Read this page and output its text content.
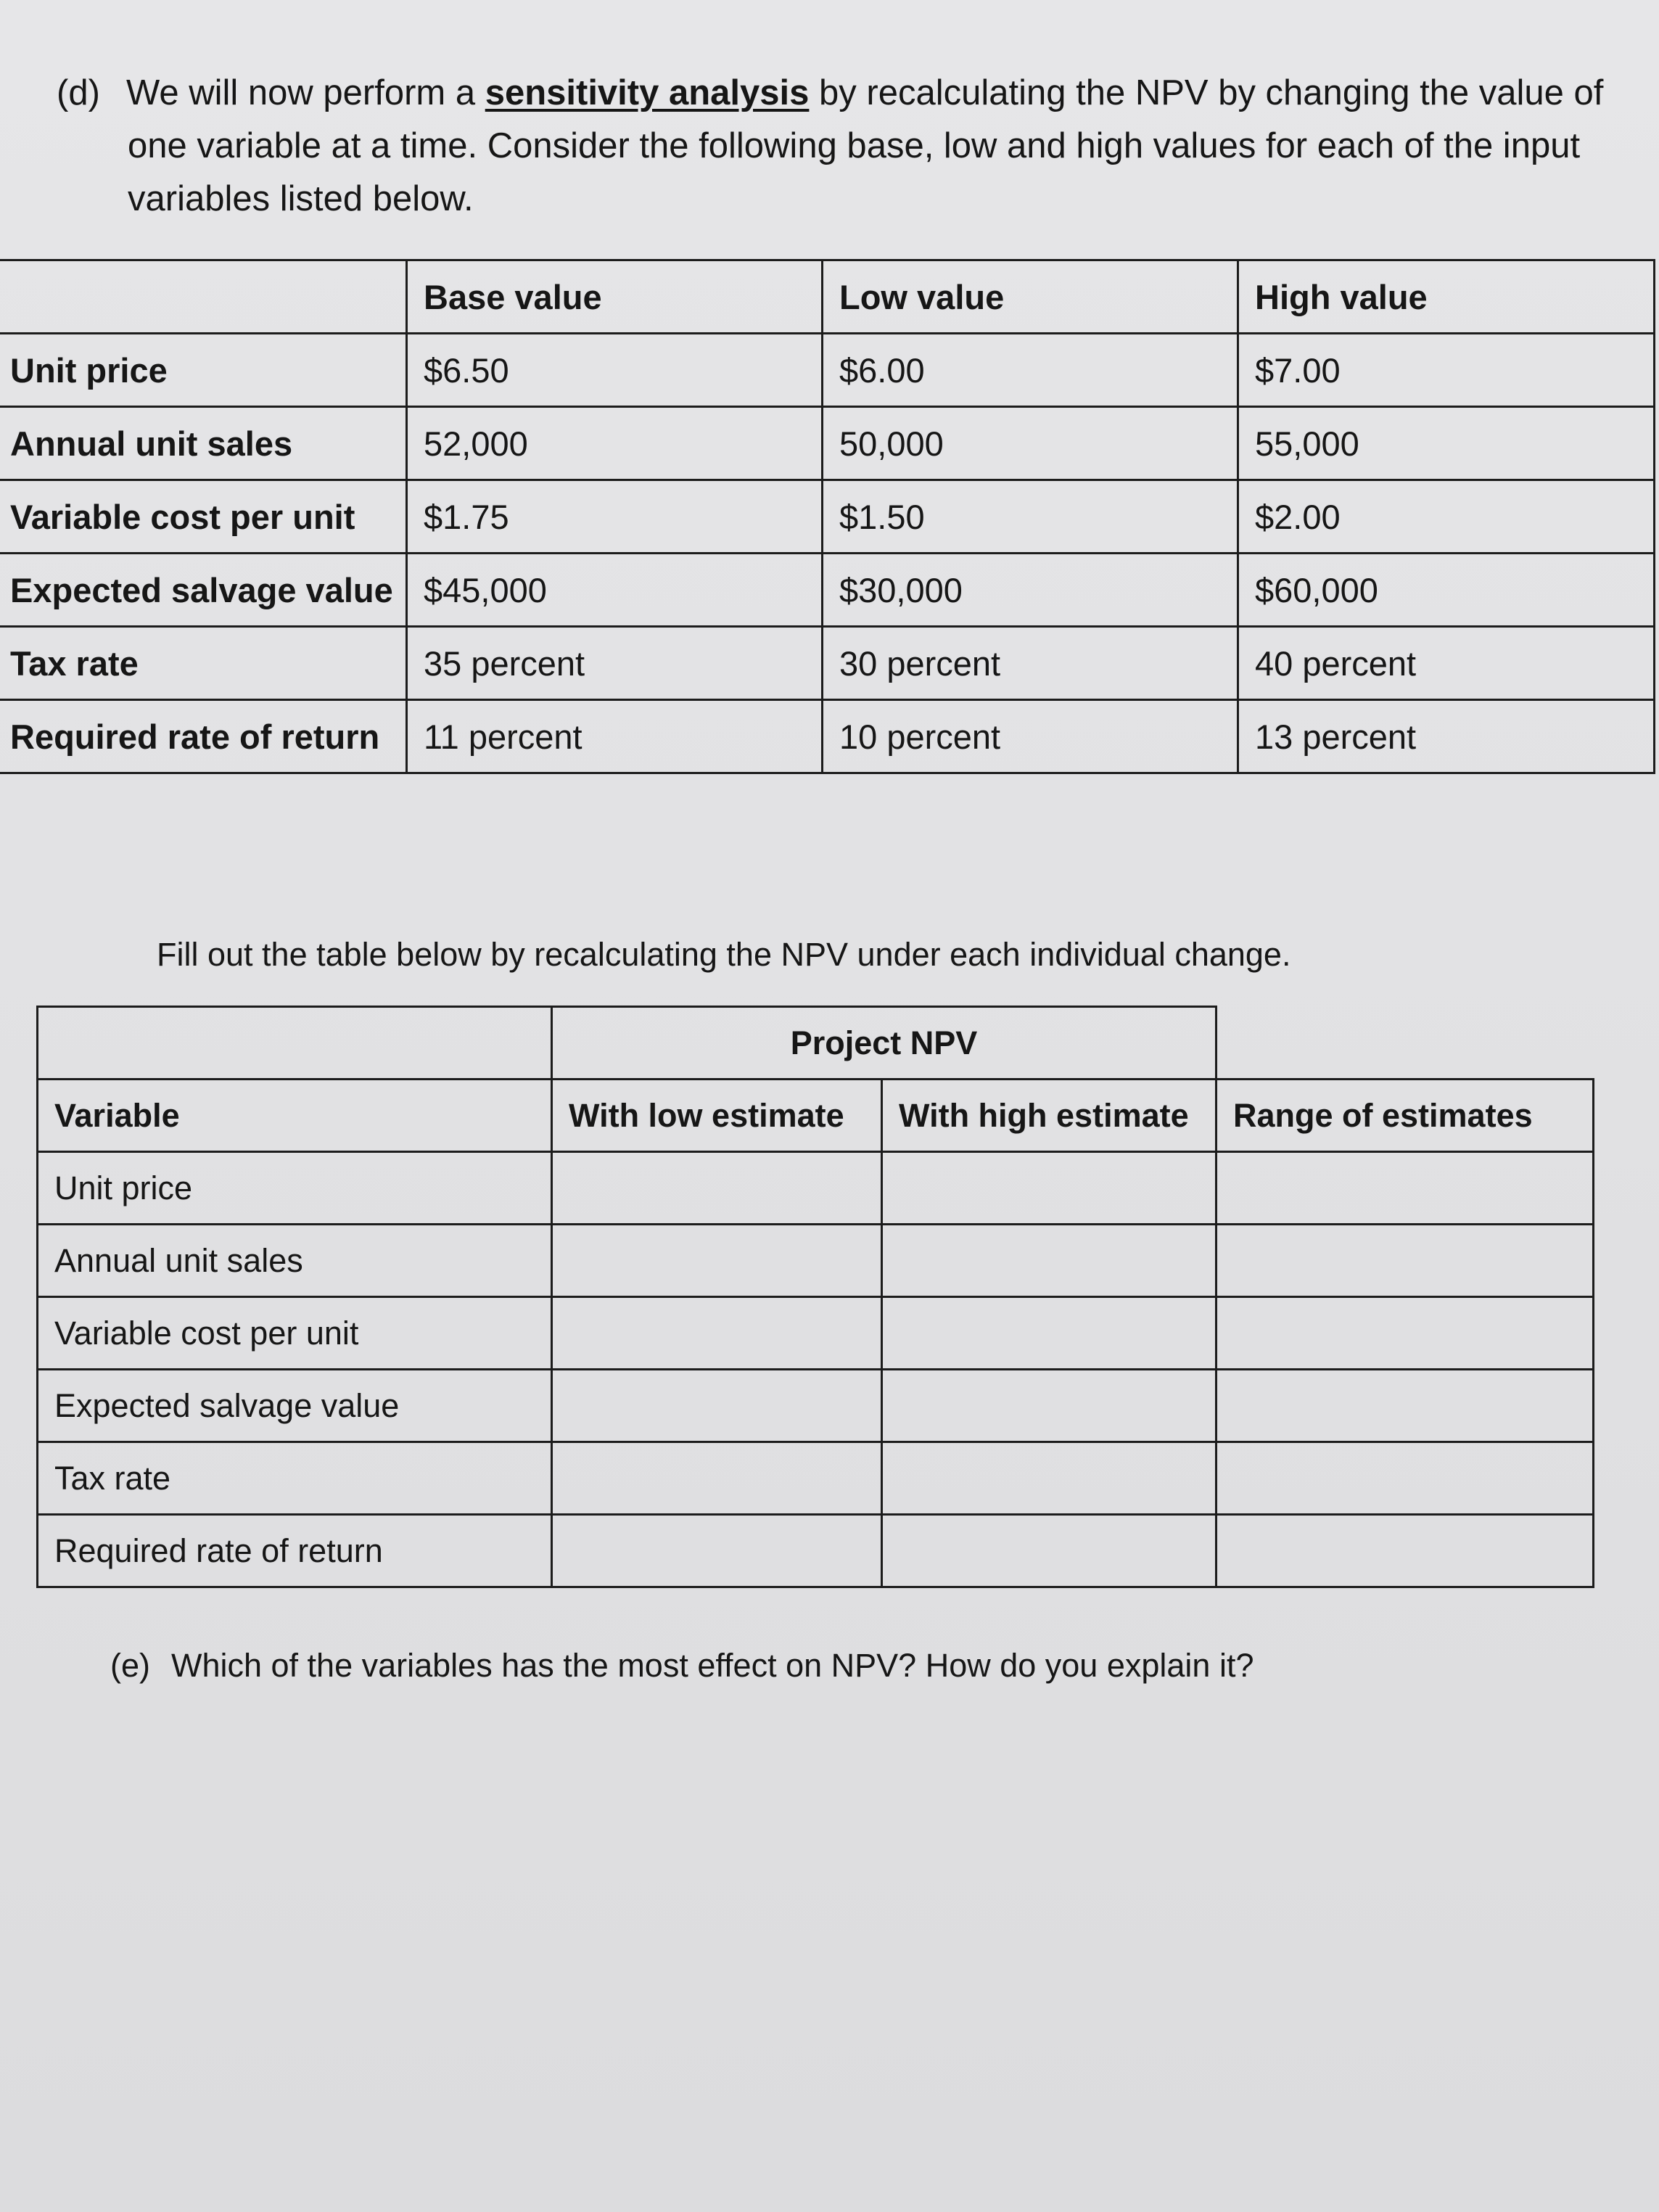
(d) We will now perform a sensitivity analysis by recalculating the NPV by changing the value of
one variable at a time. Consider the following base, low and high values for each of the input
variables listed below.
	Base value	Low value	High value
Unit price	$6.50	$6.00	$7.00
Annual unit sales	52,000	50,000	55,000
Variable cost per unit	$1.75	$1.50	$2.00
Expected salvage value	$45,000	$30,000	$60,000
Tax rate	35 percent	30 percent	40 percent
Required rate of return	11 percent	10 percent	13 percent
Fill out the table below by recalculating the NPV under each individual change.
	Project NPV		
Variable	With low estimate	With high estimate	Range of estimates
Unit price			
Annual unit sales			
Variable cost per unit			
Expected salvage value			
Tax rate			
Required rate of return			
(e) Which of the variables has the most effect on NPV? How do you explain it?
